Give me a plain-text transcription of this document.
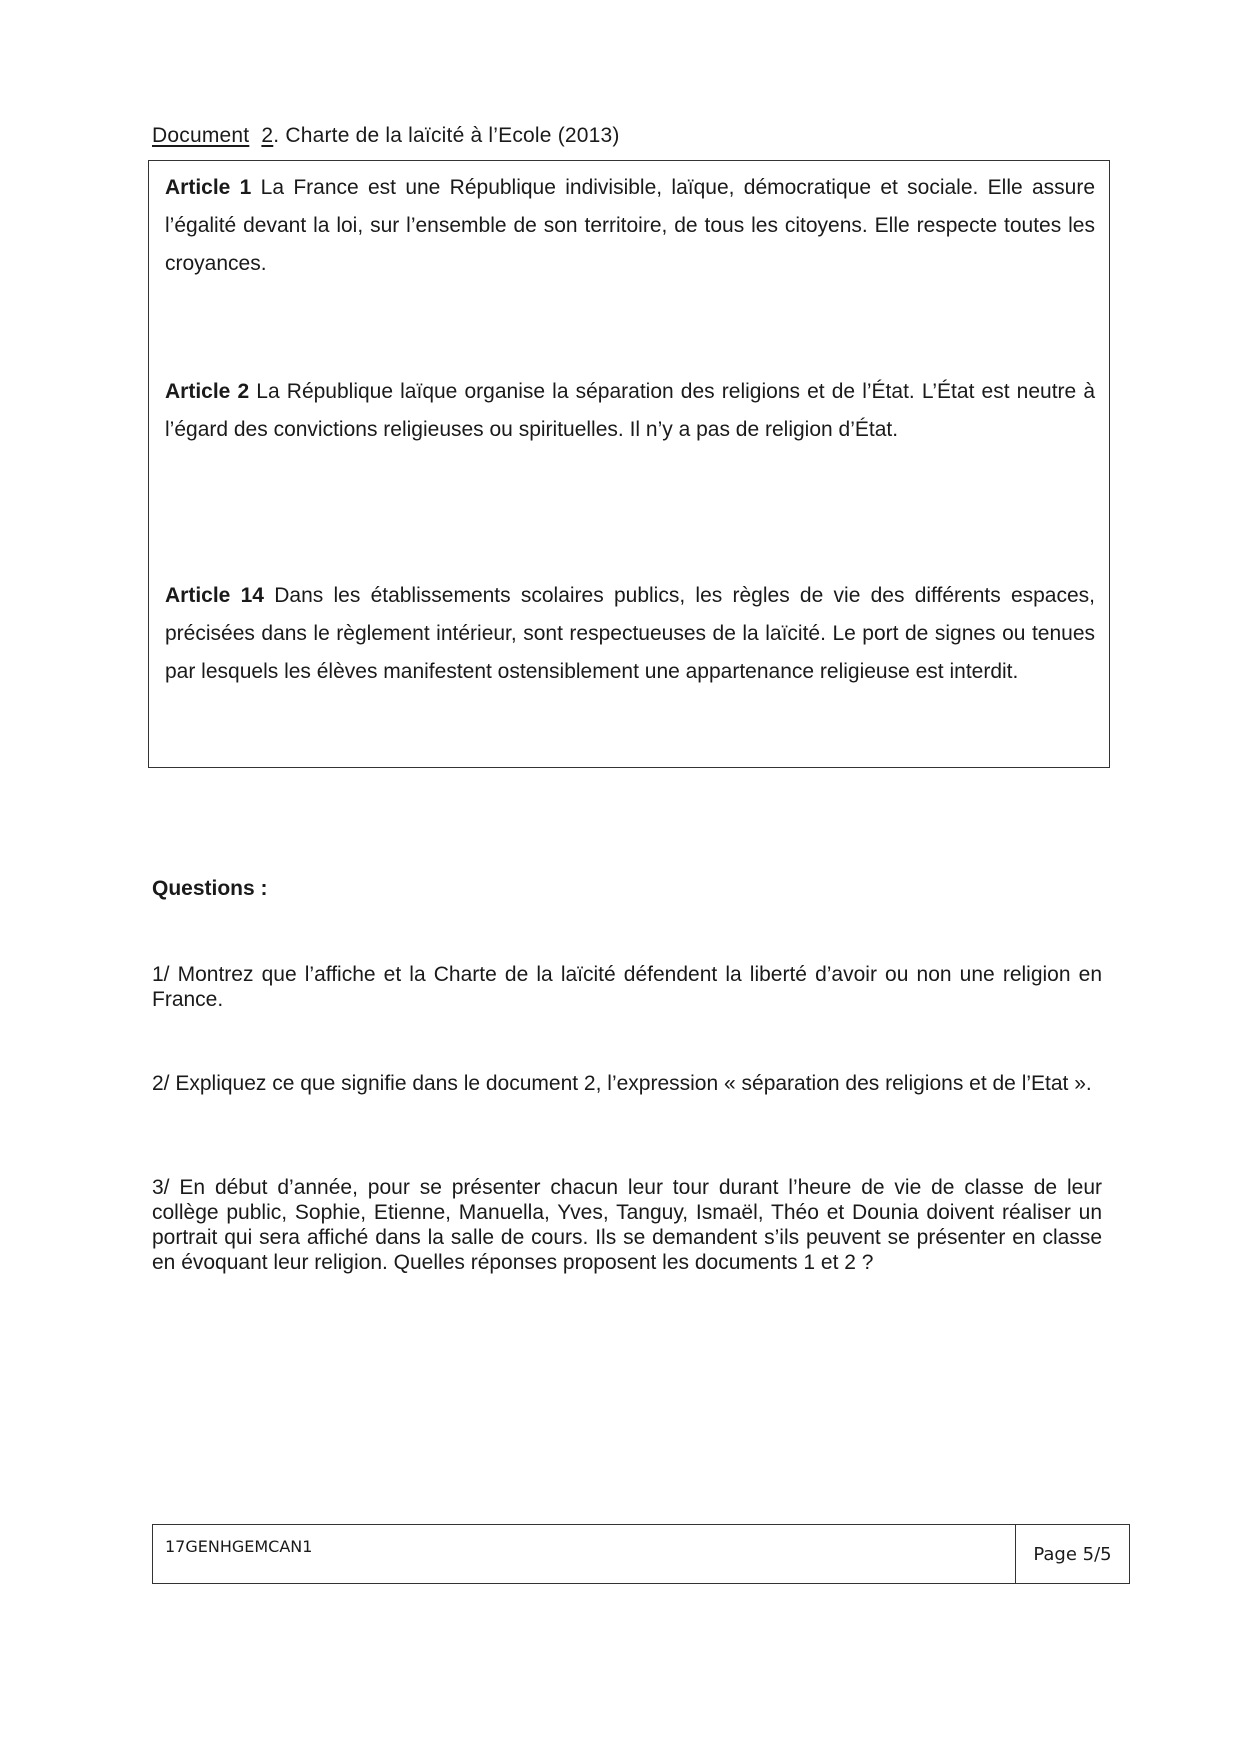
Document 2. Charte de la laïcité à l’Ecole (2013)
Article 1 La France est une République indivisible, laïque, démocratique et sociale. Elle assure l’égalité devant la loi, sur l’ensemble de son territoire, de tous les citoyens. Elle respecte toutes les croyances.
Article 2 La République laïque organise la séparation des religions et de l’État. L’État est neutre à l’égard des convictions religieuses ou spirituelles. Il n’y a pas de religion d’État.
Article 14 Dans les établissements scolaires publics, les règles de vie des différents espaces, précisées dans le règlement intérieur, sont respectueuses de la laïcité. Le port de signes ou tenues par lesquels les élèves manifestent ostensiblement une appartenance religieuse est interdit.
Questions :
1/ Montrez que l’affiche et la Charte de la laïcité défendent la liberté d’avoir ou non une religion en France.
2/ Expliquez ce que signifie dans le document 2, l’expression « séparation des religions et de l’Etat ».
3/ En début d’année, pour se présenter chacun leur tour durant l’heure de vie de classe de leur collège public, Sophie, Etienne, Manuella, Yves, Tanguy, Ismaël, Théo et Dounia doivent réaliser un portrait qui sera affiché dans la salle de cours. Ils se demandent s’ils peuvent se présenter en classe en évoquant leur religion. Quelles réponses proposent les documents 1 et 2 ?
17GENHGEMCAN1	Page 5/5
